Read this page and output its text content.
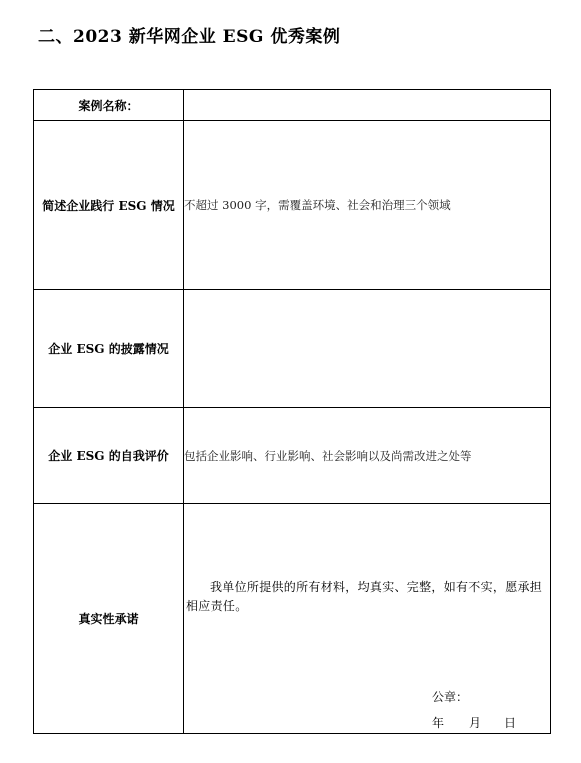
二、2023 新华网企业 ESG 优秀案例
案例名称：	
简述企业践行 ESG 情况	不超过 3000 字，需覆盖环境、社会和治理三个领域
企业 ESG 的披露情况	
企业 ESG 的自我评价	包括企业影响、行业影响、社会影响以及尚需改进之处等
真实性承诺	我单位所提供的所有材料，均真实、完整，如有不实，愿承担相应责任。
公章：
年 月 日
